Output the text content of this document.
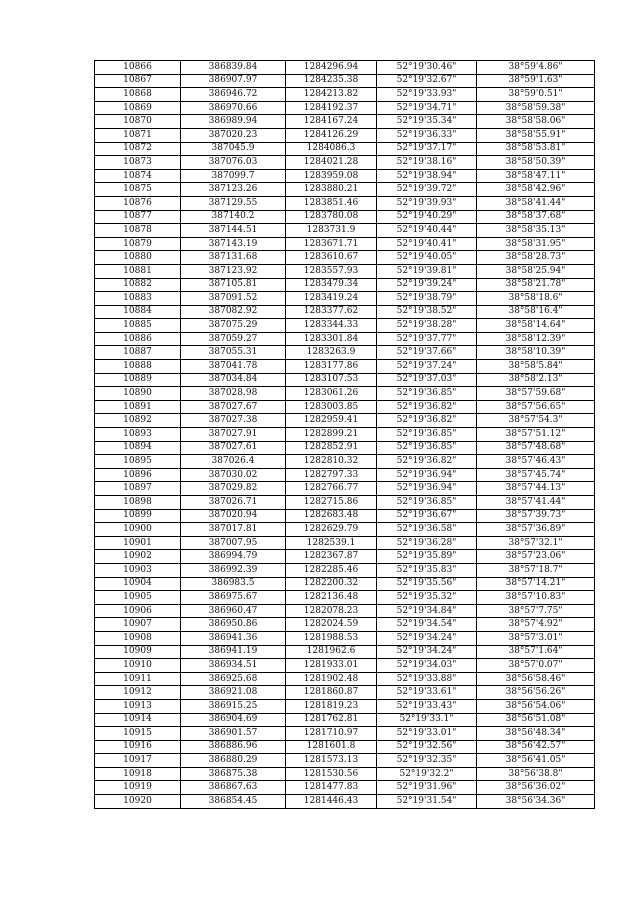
10866	386839.84	1284296.94	52°19'30.46"	38°59'4.86"
10867	386907.97	1284235.38	52°19'32.67"	38°59'1.63"
10868	386946.72	1284213.82	52°19'33.93"	38°59'0.51"
10869	386970.66	1284192.37	52°19'34.71"	38°58'59.38"
10870	386989.94	1284167.24	52°19'35.34"	38°58'58.06"
10871	387020.23	1284126.29	52°19'36.33"	38°58'55.91"
10872	387045.9	1284086.3	52°19'37.17"	38°58'53.81"
10873	387076.03	1284021.28	52°19'38.16"	38°58'50.39"
10874	387099.7	1283959.08	52°19'38.94"	38°58'47.11"
10875	387123.26	1283880.21	52°19'39.72"	38°58'42.96"
10876	387129.55	1283851.46	52°19'39.93"	38°58'41.44"
10877	387140.2	1283780.08	52°19'40.29"	38°58'37.68"
10878	387144.51	1283731.9	52°19'40.44"	38°58'35.13"
10879	387143.19	1283671.71	52°19'40.41"	38°58'31.95"
10880	387131.68	1283610.67	52°19'40.05"	38°58'28.73"
10881	387123.92	1283557.93	52°19'39.81"	38°58'25.94"
10882	387105.81	1283479.34	52°19'39.24"	38°58'21.78"
10883	387091.52	1283419.24	52°19'38.79"	38°58'18.6"
10884	387082.92	1283377.62	52°19'38.52"	38°58'16.4"
10885	387075.29	1283344.33	52°19'38.28"	38°58'14.64"
10886	387059.27	1283301.84	52°19'37.77"	38°58'12.39"
10887	387055.31	1283263.9	52°19'37.66"	38°58'10.39"
10888	387041.78	1283177.86	52°19'37.24"	38°58'5.84"
10889	387034.84	1283107.53	52°19'37.03"	38°58'2.13"
10890	387028.98	1283061.26	52°19'36.85"	38°57'59.68"
10891	387027.67	1283003.85	52°19'36.82"	38°57'56.65"
10892	387027.38	1282959.41	52°19'36.82"	38°57'54.3"
10893	387027.91	1282899.21	52°19'36.85"	38°57'51.12"
10894	387027.61	1282852.91	52°19'36.85"	38°57'48.68"
10895	387026.4	1282810.32	52°19'36.82"	38°57'46.43"
10896	387030.02	1282797.33	52°19'36.94"	38°57'45.74"
10897	387029.82	1282766.77	52°19'36.94"	38°57'44.13"
10898	387026.71	1282715.86	52°19'36.85"	38°57'41.44"
10899	387020.94	1282683.48	52°19'36.67"	38°57'39.73"
10900	387017.81	1282629.79	52°19'36.58"	38°57'36.89"
10901	387007.95	1282539.1	52°19'36.28"	38°57'32.1"
10902	386994.79	1282367.87	52°19'35.89"	38°57'23.06"
10903	386992.39	1282285.46	52°19'35.83"	38°57'18.7"
10904	386983.5	1282200.32	52°19'35.56"	38°57'14.21"
10905	386975.67	1282136.48	52°19'35.32"	38°57'10.83"
10906	386960.47	1282078.23	52°19'34.84"	38°57'7.75"
10907	386950.86	1282024.59	52°19'34.54"	38°57'4.92"
10908	386941.36	1281988.53	52°19'34.24"	38°57'3.01"
10909	386941.19	1281962.6	52°19'34.24"	38°57'1.64"
10910	386934.51	1281933.01	52°19'34.03"	38°57'0.07"
10911	386925.68	1281902.48	52°19'33.88"	38°56'58.46"
10912	386921.08	1281860.87	52°19'33.61"	38°56'56.26"
10913	386915.25	1281819.23	52°19'33.43"	38°56'54.06"
10914	386904.69	1281762.81	52°19'33.1"	38°56'51.08"
10915	386901.57	1281710.97	52°19'33.01"	38°56'48.34"
10916	386886.96	1281601.8	52°19'32.56"	38°56'42.57"
10917	386880.29	1281573.13	52°19'32.35"	38°56'41.05"
10918	386875.38	1281530.56	52°19'32.2"	38°56'38.8"
10919	386867.63	1281477.83	52°19'31.96"	38°56'36.02"
10920	386854.45	1281446.43	52°19'31.54"	38°56'34.36"
